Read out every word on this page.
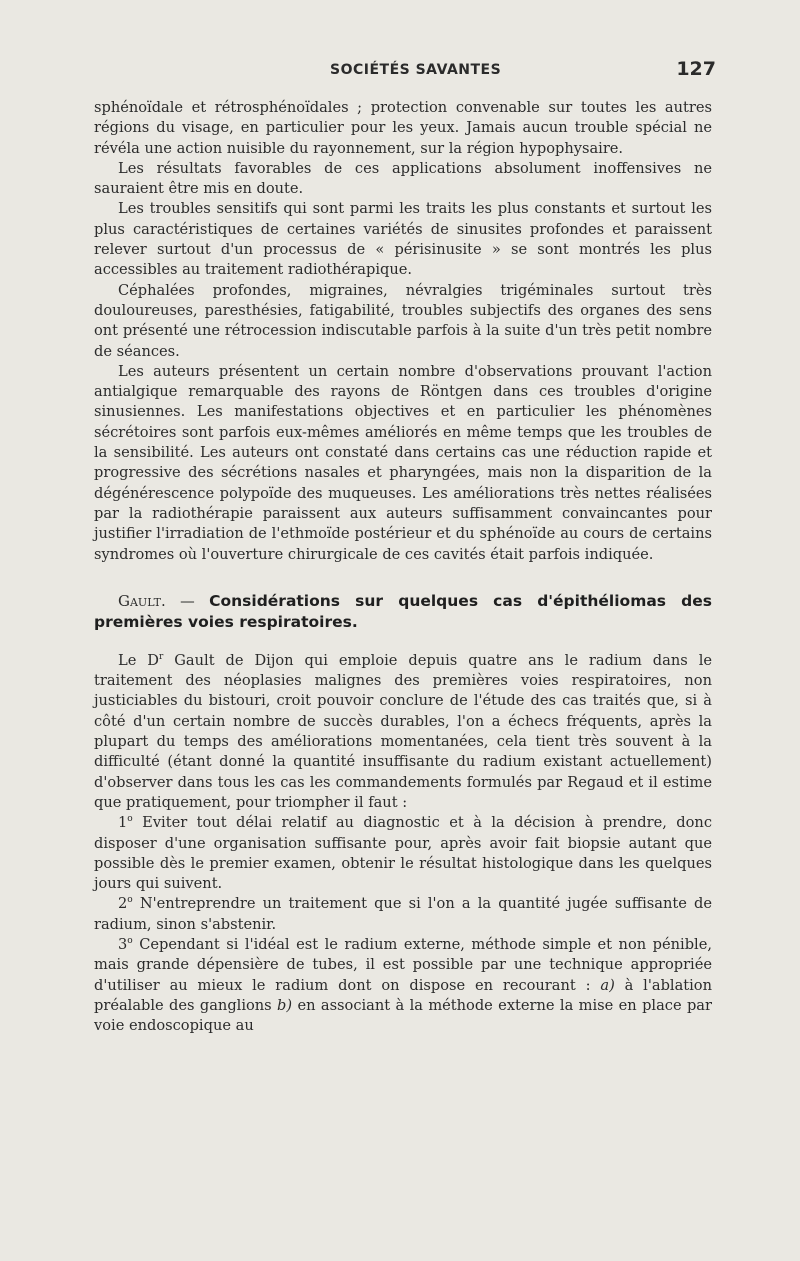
SOCIÉTÉS SAVANTES	127

sphénoïdale et rétrosphénoïdales ; protection convenable sur toutes les autres régions du visage, en particulier pour les yeux. Jamais aucun trouble spécial ne révéla une action nuisible du rayonnement, sur la région hypophysaire.

Les résultats favorables de ces applications absolument inoffensives ne sauraient être mis en doute.

Les troubles sensitifs qui sont parmi les traits les plus constants et surtout les plus caractéristiques de certaines variétés de sinusites profondes et paraissent relever surtout d'un processus de « périsinusite » se sont montrés les plus accessibles au traitement radiothérapique.

Céphalées profondes, migraines, névralgies trigéminales surtout très douloureuses, paresthésies, fatigabilité, troubles subjectifs des organes des sens ont présenté une rétrocession indiscutable parfois à la suite d'un très petit nombre de séances.

Les auteurs présentent un certain nombre d'observations prouvant l'action antialgique remarquable des rayons de Röntgen dans ces troubles d'origine sinusiennes. Les manifestations objectives et en particulier les phénomènes sécrétoires sont parfois eux-mêmes améliorés en même temps que les troubles de la sensibilité. Les auteurs ont constaté dans certains cas une réduction rapide et progressive des sécrétions nasales et pharyngées, mais non la disparition de la dégénérescence polypoïde des muqueuses. Les améliorations très nettes réalisées par la radiothérapie paraissent aux auteurs suffisamment convaincantes pour justifier l'irradiation de l'ethmoïde postérieur et du sphénoïde au cours de certains syndromes où l'ouverture chirurgicale de ces cavités était parfois indiquée.

Gault. — Considérations sur quelques cas d'épithéliomas des premières voies respiratoires.

Le $D^r$ Gault de Dijon qui emploie depuis quatre ans le radium dans le traitement des néoplasies malignes des premières voies respiratoires, non justiciables du bistouri, croit pouvoir conclure de l'étude des cas traités que, si à côté d'un certain nombre de succès durables, l'on a échecs fréquents, après la plupart du temps des améliorations momentanées, cela tient très souvent à la difficulté (étant donné la quantité insuffisante du radium existant actuellement) d'observer dans tous les cas les commandements formulés par Regaud et il estime que pratiquement, pour triompher il faut :

1$^o$ Eviter tout délai relatif au diagnostic et à la décision à prendre, donc disposer d'une organisation suffisante pour, après avoir fait biopsie autant que possible dès le premier examen, obtenir le résultat histologique dans les quelques jours qui suivent.

2$^o$ N'entreprendre un traitement que si l'on a la quantité jugée suffisante de radium, sinon s'abstenir.

3$^o$ Cependant si l'idéal est le radium externe, méthode simple et non pénible, mais grande dépensière de tubes, il est possible par une technique appropriée d'utiliser au mieux le radium dont on dispose en recourant : a) à l'ablation préalable des ganglions b) en associant à la méthode externe la mise en place par voie endoscopique au
